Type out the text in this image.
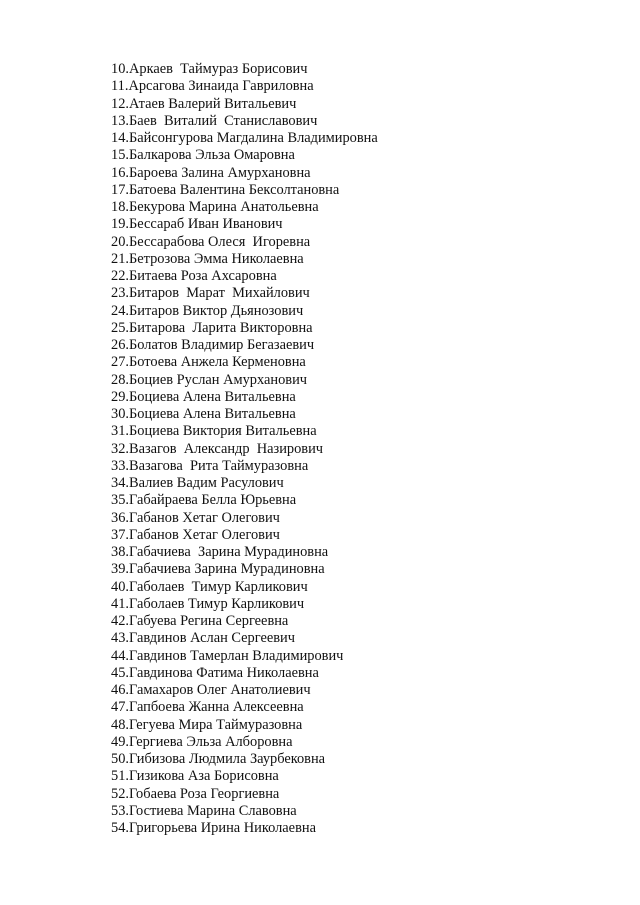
10.Аркаев  Таймураз Борисович
11.Арсагова Зинаида Гавриловна
12.Атаев Валерий Витальевич
13.Баев  Виталий  Станиславович
14.Байсонгурова Магдалина Владимировна
15.Балкарова Эльза Омаровна
16.Бароева Залина Амурхановна
17.Батоева Валентина Бексолтановна
18.Бекурова Марина Анатольевна
19.Бессараб Иван Иванович
20.Бессарабова Олеся  Игоревна
21.Бетрозова Эмма Николаевна
22.Битаева Роза Ахсаровна
23.Битаров  Марат  Михайлович
24.Битаров Виктор Дьянозович
25.Битарова  Ларита Викторовна
26.Болатов Владимир Бегазаевич
27.Ботоева Анжела Керменовна
28.Боциев Руслан Амурханович
29.Боциева Алена Витальевна
30.Боциева Алена Витальевна
31.Боциева Виктория Витальевна
32.Вазагов  Александр  Назирович
33.Вазагова  Рита Таймуразовна
34.Валиев Вадим Расулович
35.Габайраева Белла Юрьевна
36.Габанов Хетаг Олегович
37.Габанов Хетаг Олегович
38.Габачиева  Зарина Мурадиновна
39.Габачиева Зарина Мурадиновна
40.Габолаев  Тимур Карликович
41.Габолаев Тимур Карликович
42.Габуева Регина Сергеевна
43.Гавдинов Аслан Сергеевич
44.Гавдинов Тамерлан Владимирович
45.Гавдинова Фатима Николаевна
46.Гамахаров Олег Анатолиевич
47.Гапбоева Жанна Алексеевна
48.Гегуева Мира Таймуразовна
49.Гергиева Эльза Алборовна
50.Гибизова Людмила Заурбековна
51.Гизикова Аза Борисовна
52.Гобаева Роза Георгиевна
53.Гостиева Марина Славовна
54.Григорьева Ирина Николаевна
